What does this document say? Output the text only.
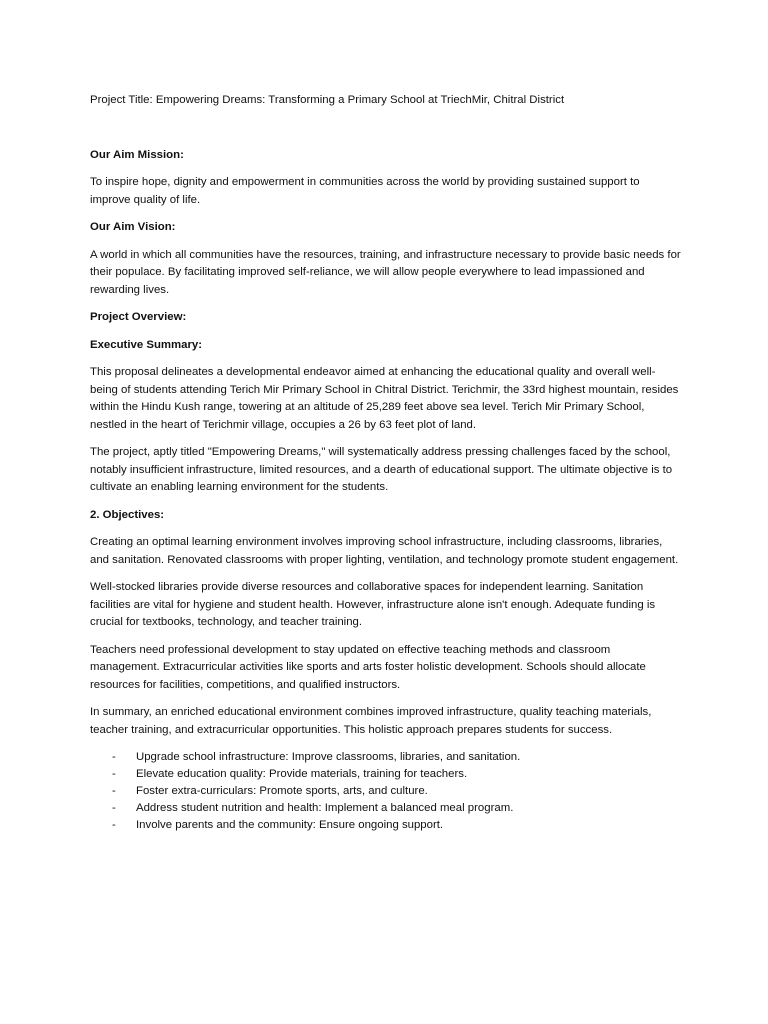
Project Title: Empowering Dreams: Transforming a Primary School at TriechMir, Chitral District
Our Aim Mission:

To inspire hope, dignity and empowerment in communities across the world by providing sustained support to improve quality of life.

Our Aim Vision:

A world in which all communities have the resources, training, and infrastructure necessary to provide basic needs for their populace. By facilitating improved self-reliance, we will allow people everywhere to lead impassioned and rewarding lives.

Project Overview:
Executive Summary:

This proposal delineates a developmental endeavor aimed at enhancing the educational quality and overall well-being of students attending Terich Mir Primary School in Chitral District. Terichmir, the 33rd highest mountain, resides within the Hindu Kush range, towering at an altitude of 25,289 feet above sea level. Terich Mir Primary School, nestled in the heart of Terichmir village, occupies a 26 by 63 feet plot of land.

The project, aptly titled "Empowering Dreams," will systematically address pressing challenges faced by the school, notably insufficient infrastructure, limited resources, and a dearth of educational support. The ultimate objective is to cultivate an enabling learning environment for the students.

2. Objectives:

Creating an optimal learning environment involves improving school infrastructure, including classrooms, libraries, and sanitation. Renovated classrooms with proper lighting, ventilation, and technology promote student engagement.

Well-stocked libraries provide diverse resources and collaborative spaces for independent learning. Sanitation facilities are vital for hygiene and student health. However, infrastructure alone isn't enough. Adequate funding is crucial for textbooks, technology, and teacher training.

Teachers need professional development to stay updated on effective teaching methods and classroom management. Extracurricular activities like sports and arts foster holistic development. Schools should allocate resources for facilities, competitions, and qualified instructors.

In summary, an enriched educational environment combines improved infrastructure, quality teaching materials, teacher training, and extracurricular opportunities. This holistic approach prepares students for success.

- Upgrade school infrastructure: Improve classrooms, libraries, and sanitation.
- Elevate education quality: Provide materials, training for teachers.
- Foster extra-curriculars: Promote sports, arts, and culture.
- Address student nutrition and health: Implement a balanced meal program.
- Involve parents and the community: Ensure ongoing support.
